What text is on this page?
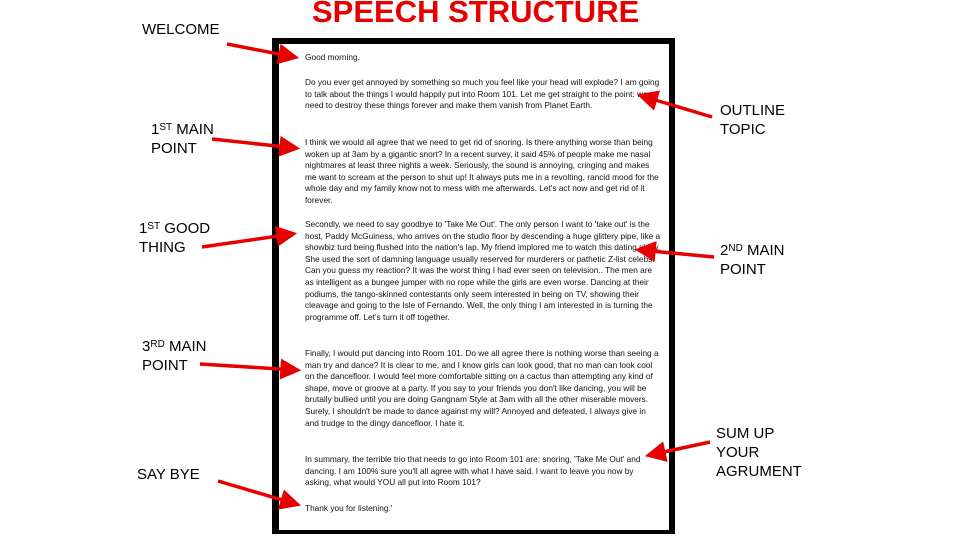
SPEECH STRUCTURE
WELCOME
1ST MAIN
POINT
1ST GOOD
THING
3RD MAIN
POINT
SAY BYE
OUTLINE
TOPIC
2ND MAIN
POINT
SUM UP
YOUR
AGRUMENT

Good morning,

Do you ever get annoyed by something so much you feel like your head will explode? I am going to talk about the things I would happily put into Room 101. Let me get straight to the point: we need to destroy these things forever and make them vanish from Planet Earth.

I think we would all agree that we need to get rid of snoring. Is there anything worse than being woken up at 3am by a gigantic snort? In a recent survey, it said 45% of people make me nasal nightmares at least three nights a week. Seriously, the sound is annoying, cringing and makes me want to scream at the person to shut up! It always puts me in a revolting, rancid mood for the whole day and my family know not to mess with me afterwards. Let's act now and get rid of it forever.

Secondly, we need to say goodbye to 'Take Me Out'. The only person I want to 'take out' is the host, Paddy McGuiness, who arrives on the studio floor by descending a huge glittery pipe, like a showbiz turd being flushed into the nation's lap. My friend implored me to watch this dating show. She used the sort of damning language usually reserved for murderers or pathetic Z-list celebs. Can you guess my reaction? It was the worst thing I had ever seen on television.. The men are as intelligent as a bungee jumper with no rope while the girls are even worse. Dancing at their podiums, the tango-skinned contestants only seem interested in being on TV, showing their cleavage and going to the Isle of Fernando. Well, the only thing I am interested in is turning the programme off. Let's turn it off together.

Finally, I would put dancing into Room 101. Do we all agree there is nothing worse than seeing a man try and dance? It is clear to me, and I know girls can look good, that no man can look cool on the dancefloor. I would feel more comfortable sitting on a cactus than attempting any kind of shape, move or groove at a party. If you say to your friends you don't like dancing, you will be brutally bullied until you are doing Gangnam Style at 3am with all the other miserable movers. Surely, I shouldn't be made to dance against my will? Annoyed and defeated, I always give in and trudge to the dingy dancefloor. I hate it.

In summary, the terrible trio that needs to go into Room 101 are: snoring, 'Take Me Out' and dancing. I am 100% sure you'll all agree with what I have said. I want to leave you now by asking, what would YOU all put into Room 101?

Thank you for listening.'
